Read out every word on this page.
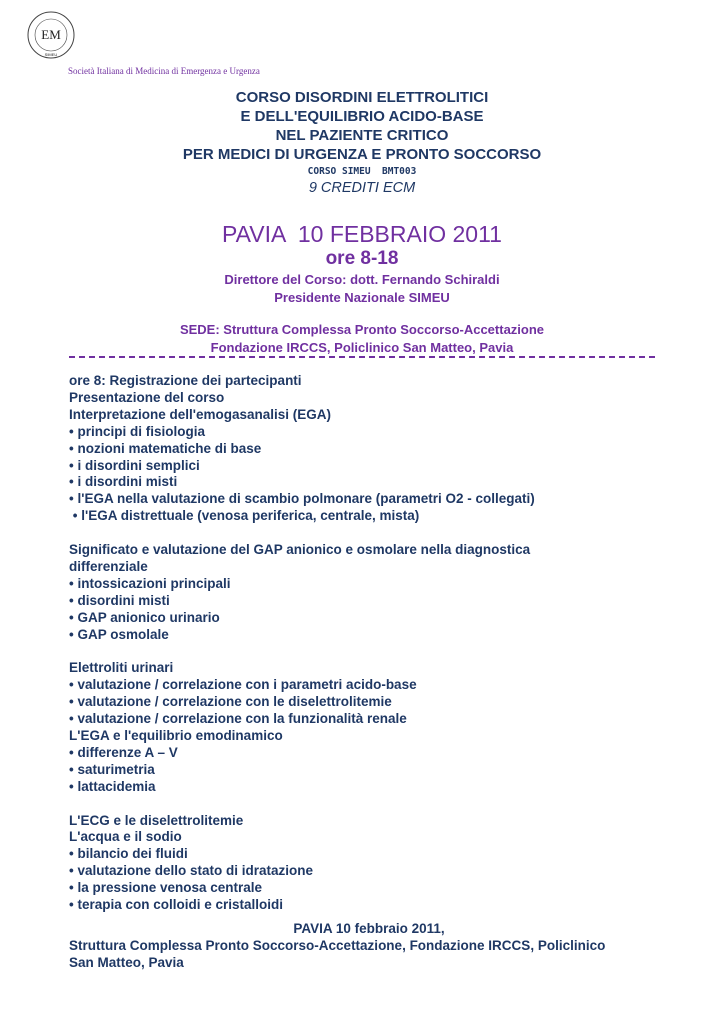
EM
SIMEU
Società Italiana di Medicina di Emergenza e Urgenza
CORSO DISORDINI ELETTROLITICI
E DELL'EQUILIBRIO ACIDO-BASE
NEL PAZIENTE CRITICO
PER MEDICI DI URGENZA E PRONTO SOCCORSO
CORSO SIMEU  BMT003
9 CREDITI ECM
PAVIA  10 FEBBRAIO 2011
ore 8-18
Direttore del Corso: dott. Fernando Schiraldi
Presidente Nazionale SIMEU
SEDE: Struttura Complessa Pronto Soccorso-Accettazione
Fondazione IRCCS, Policlinico San Matteo, Pavia
ore 8: Registrazione dei partecipanti
Presentazione del corso
Interpretazione dell'emogasanalisi (EGA)
• principi di fisiologia
• nozioni matematiche di base
• i disordini semplici
• i disordini misti
• l'EGA nella valutazione di scambio polmonare (parametri O2 - collegati)
• l'EGA distrettuale (venosa periferica, centrale, mista)
Significato e valutazione del GAP anionico e osmolare nella diagnostica
differenziale
• intossicazioni principali
• disordini misti
• GAP anionico urinario
• GAP osmolale
Elettroliti urinari
• valutazione / correlazione con i parametri acido-base
• valutazione / correlazione con le diselettrolitemie
• valutazione / correlazione con la funzionalità renale
L'EGA e l'equilibrio emodinamico
• differenze A – V
• saturimetria
• lattacidemia
L'ECG e le diselettrolitemie
L'acqua e il sodio
• bilancio dei fluidi
• valutazione dello stato di idratazione
• la pressione venosa centrale
• terapia con colloidi e cristalloidi
PAVIA 10 febbraio 2011,
Struttura Complessa Pronto Soccorso-Accettazione, Fondazione IRCCS, Policlinico
San Matteo, Pavia
